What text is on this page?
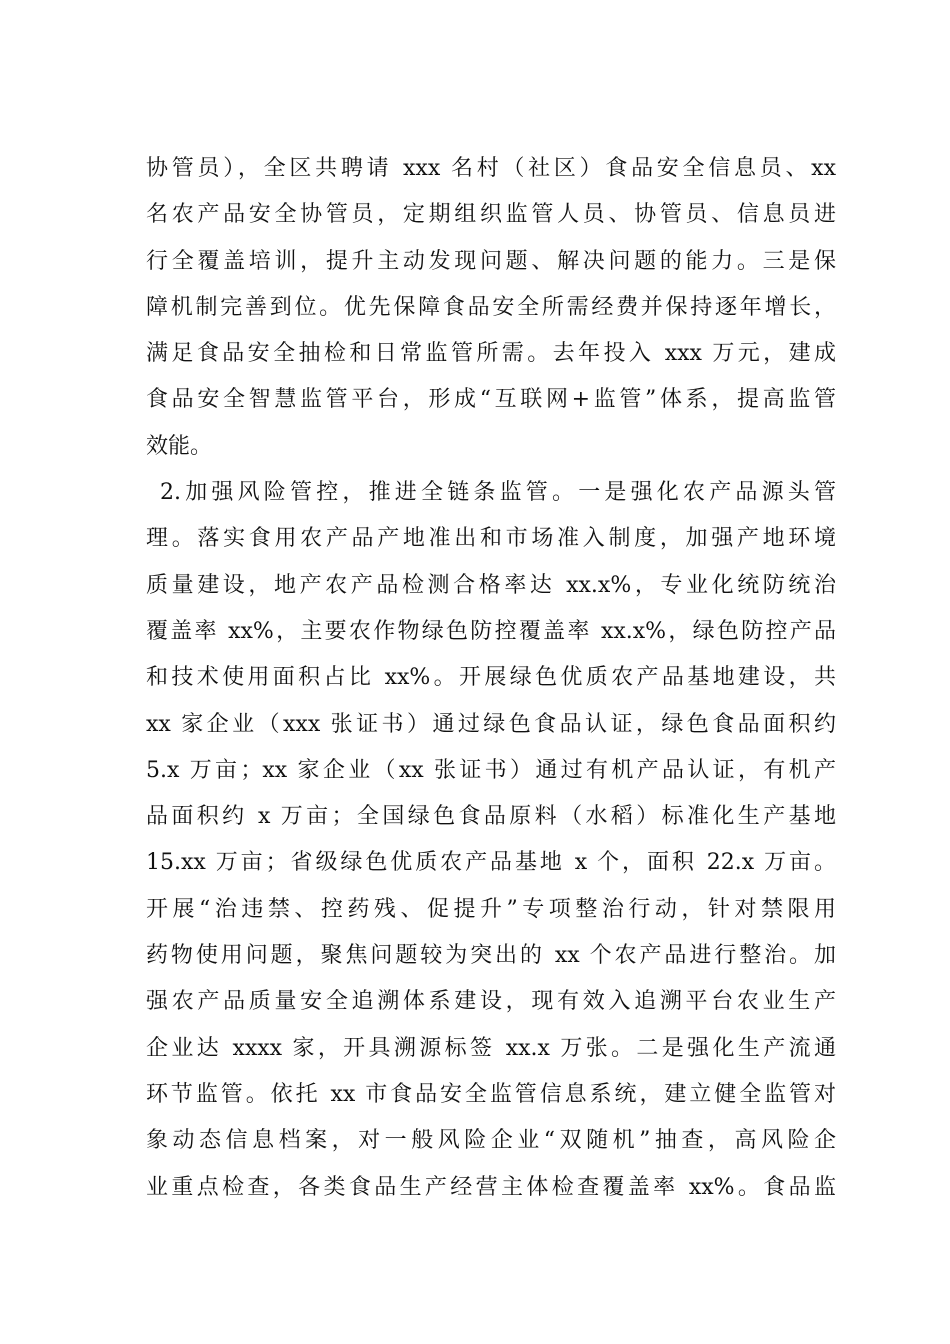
协管员），全区共聘请 xxx 名村（社区）食品安全信息员、xx
名农产品安全协管员，定期组织监管人员、协管员、信息员进
行全覆盖培训，提升主动发现问题、解决问题的能力。三是保
障机制完善到位。优先保障食品安全所需经费并保持逐年增长，
满足食品安全抽检和日常监管所需。去年投入 xxx 万元，建成
食品安全智慧监管平台，形成“互联网+监管”体系，提高监管
效能。
2.加强风险管控，推进全链条监管。一是强化农产品源头管
理。落实食用农产品产地准出和市场准入制度，加强产地环境
质量建设，地产农产品检测合格率达 xx.x%，专业化统防统治
覆盖率 xx%，主要农作物绿色防控覆盖率 xx.x%，绿色防控产品
和技术使用面积占比 xx%。开展绿色优质农产品基地建设，共
xx 家企业（xxx 张证书）通过绿色食品认证，绿色食品面积约
5.x 万亩；xx 家企业（xx 张证书）通过有机产品认证，有机产
品面积约 x 万亩；全国绿色食品原料（水稻）标准化生产基地
15.xx 万亩；省级绿色优质农产品基地 x 个，面积 22.x 万亩。
开展“治违禁、控药残、促提升”专项整治行动，针对禁限用
药物使用问题，聚焦问题较为突出的 xx 个农产品进行整治。加
强农产品质量安全追溯体系建设，现有效入追溯平台农业生产
企业达 xxxx 家，开具溯源标签 xx.x 万张。二是强化生产流通
环节监管。依托 xx 市食品安全监管信息系统，建立健全监管对
象动态信息档案，对一般风险企业“双随机”抽查，高风险企
业重点检查，各类食品生产经营主体检查覆盖率 xx%。食品监
